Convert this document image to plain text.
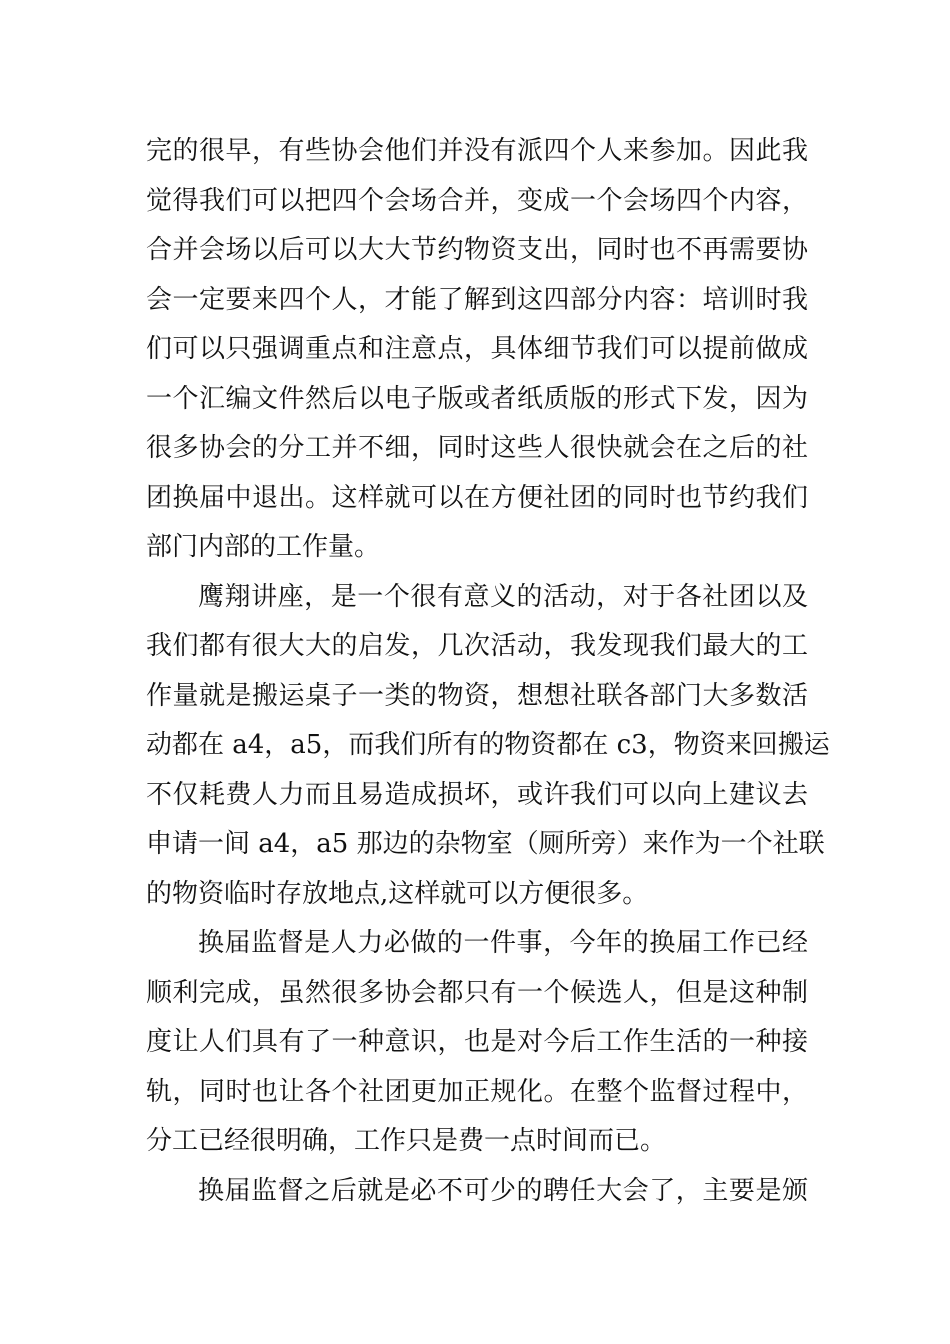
完的很早，有些协会他们并没有派四个人来参加。因此我
觉得我们可以把四个会场合并，变成一个会场四个内容，
合并会场以后可以大大节约物资支出，同时也不再需要协
会一定要来四个人，才能了解到这四部分内容：培训时我
们可以只强调重点和注意点，具体细节我们可以提前做成
一个汇编文件然后以电子版或者纸质版的形式下发，因为
很多协会的分工并不细，同时这些人很快就会在之后的社
团换届中退出。这样就可以在方便社团的同时也节约我们
部门内部的工作量。
鹰翔讲座，是一个很有意义的活动，对于各社团以及
我们都有很大大的启发，几次活动，我发现我们最大的工
作量就是搬运桌子一类的物资，想想社联各部门大多数活
动都在 a4，a5，而我们所有的物资都在 c3，物资来回搬运
不仅耗费人力而且易造成损坏，或许我们可以向上建议去
申请一间 a4，a5 那边的杂物室（厕所旁）来作为一个社联
的物资临时存放地点,这样就可以方便很多。
换届监督是人力必做的一件事，今年的换届工作已经
顺利完成，虽然很多协会都只有一个候选人，但是这种制
度让人们具有了一种意识，也是对今后工作生活的一种接
轨，同时也让各个社团更加正规化。在整个监督过程中，
分工已经很明确，工作只是费一点时间而已。
换届监督之后就是必不可少的聘任大会了，主要是颁
